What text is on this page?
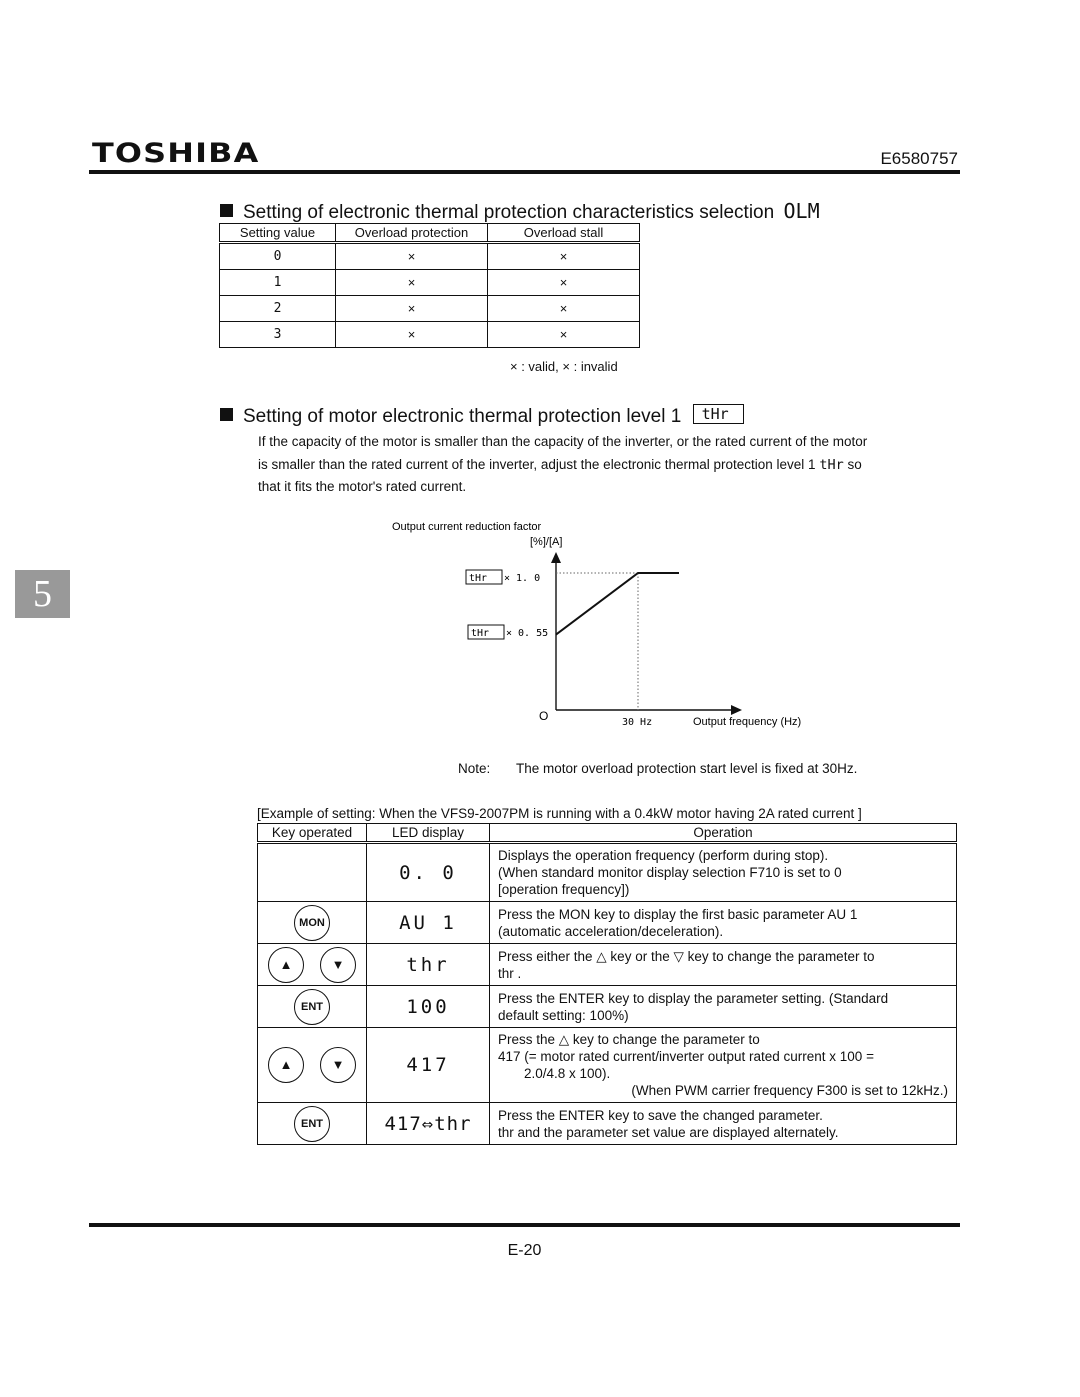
TOSHIBA	E6580757
5
Setting of electronic thermal protection characteristics selection OLM
Setting value	Overload protection	Overload stall
0	×	×
1	×	×
2	×	×
3	×	×
× : valid, × : invalid
Setting of motor electronic thermal protection level 1 tHr
If the capacity of the motor is smaller than the capacity of the inverter, or the rated current of the motor
is smaller than the rated current of the inverter, adjust the electronic thermal protection level 1 tHr so
that it fits the motor's rated current.
Output current reduction factor
[%]/[A]
tHr × 1. 0
tHr × 0. 55
O	30 Hz	Output frequency (Hz)
Note: The motor overload protection start level is fixed at 30Hz.
[Example of setting: When the VFS9-2007PM is running with a 0.4kW motor having 2A rated current ]
Key operated	LED display	Operation
	0. 0	Displays the operation frequency (perform during stop).
(When standard monitor display selection F710 is set to 0
[operation frequency])

MON	AU 1	Press the MON key to display the first basic parameter AU 1
(automatic acceleration/deceleration).

▲ ▼	thr	Press either the △ key or the ▽ key to change the parameter to
thr .

ENT	100	Press the ENTER key to display the parameter setting. (Standard
default setting: 100%)

▲ ▼	417	Press the △ key to change the parameter to
417 (= motor rated current/inverter output rated current x 100 =
2.0/4.8 x 100).
(When PWM carrier frequency F300 is set to 12kHz.)

ENT	417⇔thr	Press the ENTER key to save the changed parameter.
thr and the parameter set value are displayed alternately.
E-20
